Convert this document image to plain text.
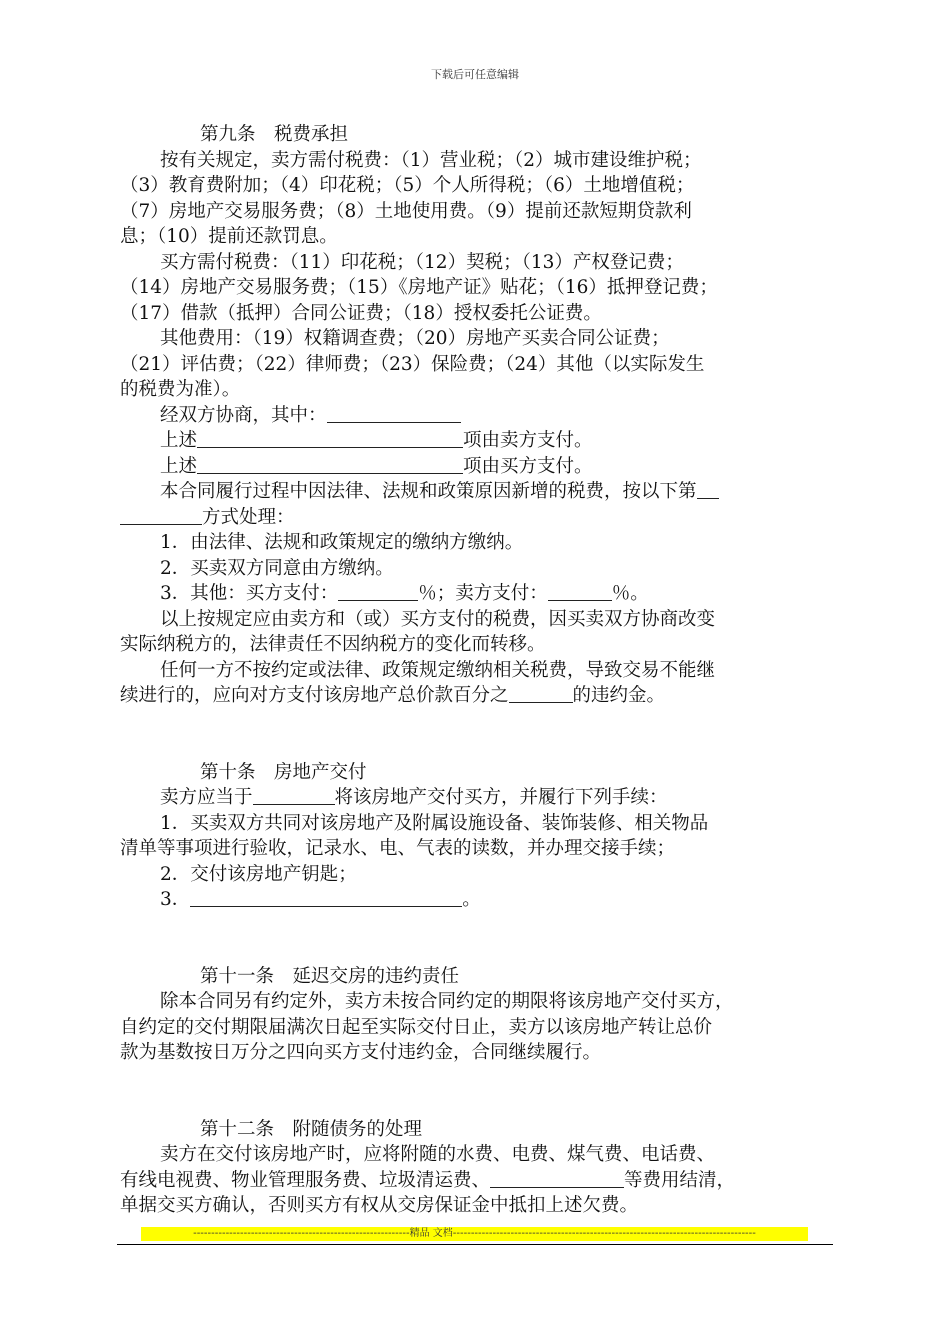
下载后可任意编辑
第九条　税费承担
按有关规定，卖方需付税费：（1）营业税；（2）城市建设维护税；
（3）教育费附加；（4）印花税；（5）个人所得税；（6）土地增值税；
（7）房地产交易服务费；（8）土地使用费。（9）提前还款短期贷款利
息；（10）提前还款罚息。
买方需付税费：（11）印花税；（12）契税；（13）产权登记费；
（14）房地产交易服务费；（15）《房地产证》贴花；（16）抵押登记费；
（17）借款（抵押）合同公证费；（18）授权委托公证费。
其他费用：（19）权籍调查费；（20）房地产买卖合同公证费；
（21）评估费；（22）律师费；（23）保险费；（24）其他（以实际发生
的税费为准）。
经双方协商，其中：
上述	项由卖方支付。
上述	项由买方支付。
本合同履行过程中因法律、法规和政策原因新增的税费，按以下第
方式处理：
1．由法律、法规和政策规定的缴纳方缴纳。
2．买卖双方同意由方缴纳。
3．其他：买方支付：	％；卖方支付：	％。
以上按规定应由卖方和（或）买方支付的税费，因买卖双方协商改变
实际纳税方的，法律责任不因纳税方的变化而转移。
任何一方不按约定或法律、政策规定缴纳相关税费，导致交易不能继
续进行的，应向对方支付该房地产总价款百分之	的违约金。
第十条　房地产交付
卖方应当于	将该房地产交付买方，并履行下列手续：
1．买卖双方共同对该房地产及附属设施设备、装饰装修、相关物品
清单等事项进行验收，记录水、电、气表的读数，并办理交接手续；
2．交付该房地产钥匙；
3．	。
第十一条　延迟交房的违约责任
除本合同另有约定外，卖方未按合同约定的期限将该房地产交付买方，
自约定的交付期限届满次日起至实际交付日止，卖方以该房地产转让总价
款为基数按日万分之四向买方支付违约金，合同继续履行。
第十二条　附随债务的处理
卖方在交付该房地产时，应将附随的水费、电费、煤气费、电话费、
有线电视费、物业管理服务费、垃圾清运费、	等费用结清，
单据交买方确认，否则买方有权从交房保证金中抵扣上述欠费。
------------------------------------------------------------精品 文档------------------------------------------------------------------------------------
